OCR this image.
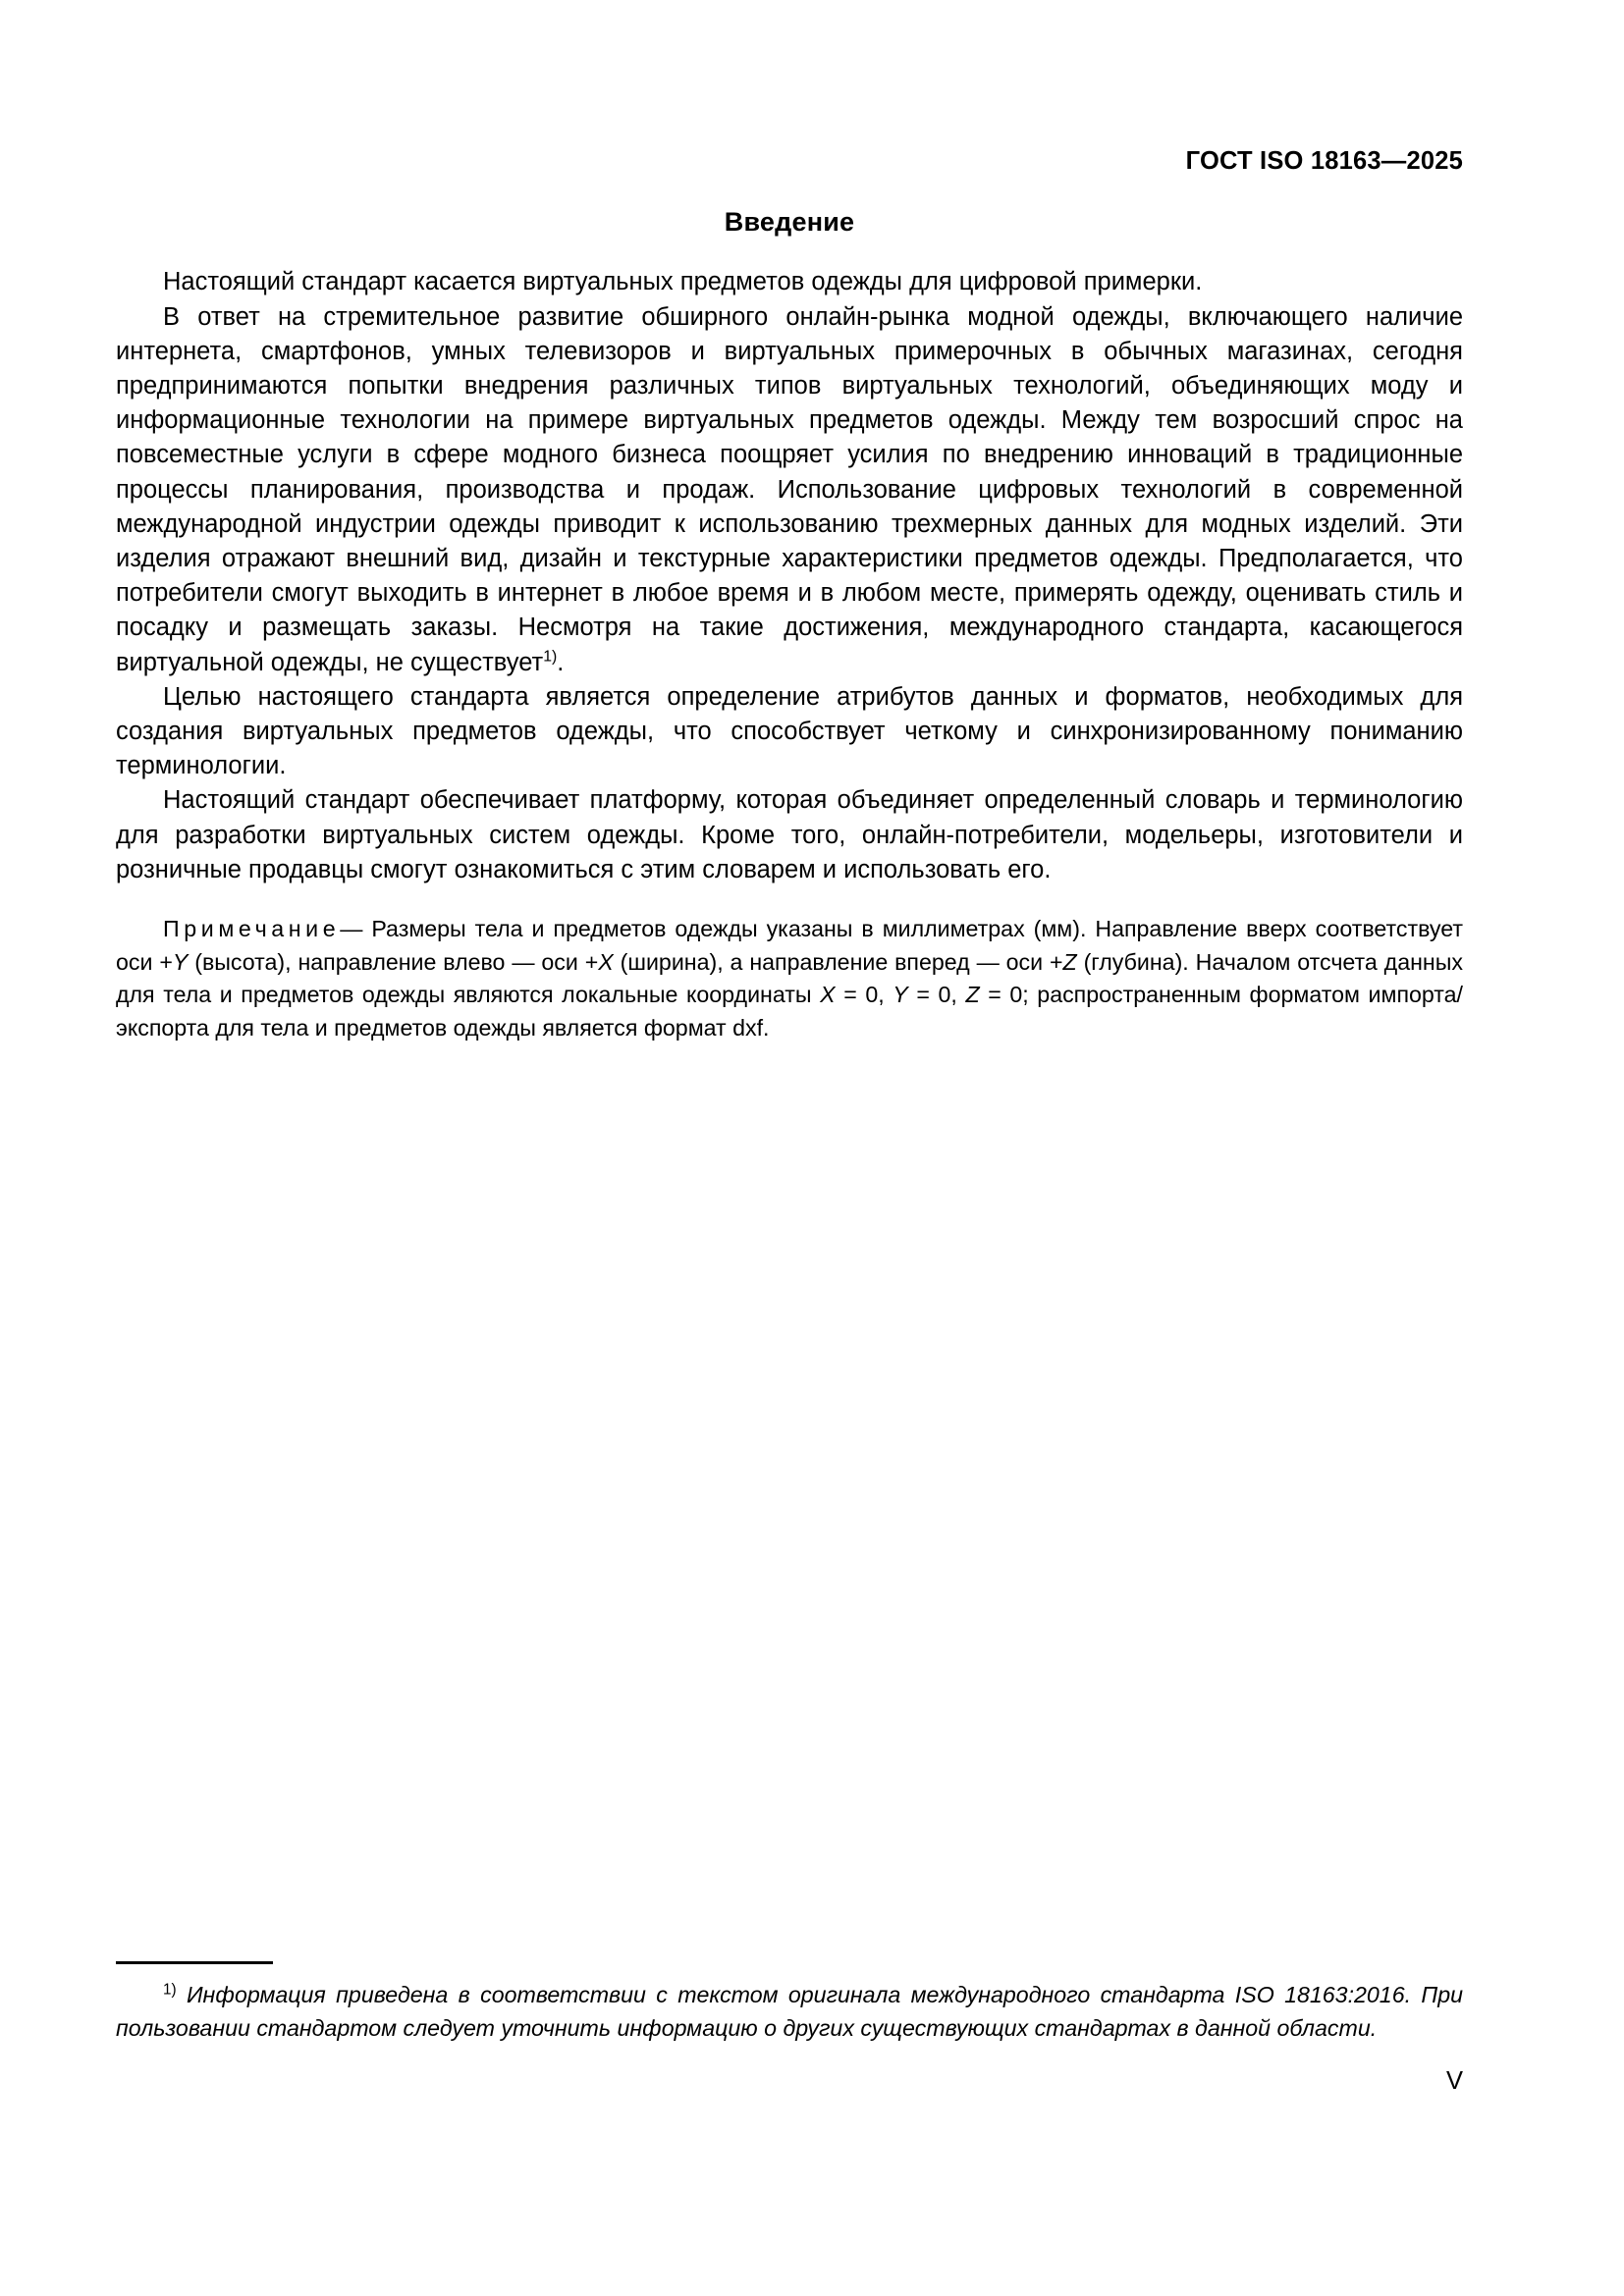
ГОСТ ISO 18163—2025
Введение

Настоящий стандарт касается виртуальных предметов одежды для цифровой примерки.

В ответ на стремительное развитие обширного онлайн-рынка модной одежды, включающего наличие интернета, смартфонов, умных телевизоров и виртуальных примерочных в обычных магазинах, сегодня предпринимаются попытки внедрения различных типов виртуальных технологий, объединяющих моду и информационные технологии на примере виртуальных предметов одежды. Между тем возросший спрос на повсеместные услуги в сфере модного бизнеса поощряет усилия по внедрению инноваций в традиционные процессы планирования, производства и продаж. Использование цифровых технологий в современной международной индустрии одежды приводит к использованию трехмерных данных для модных изделий. Эти изделия отражают внешний вид, дизайн и текстурные характеристики предметов одежды. Предполагается, что потребители смогут выходить в интернет в любое время и в любом месте, примерять одежду, оценивать стиль и посадку и размещать заказы. Несмотря на такие достижения, международного стандарта, касающегося виртуальной одежды, не существует$^{1)}$.

Целью настоящего стандарта является определение атрибутов данных и форматов, необходимых для создания виртуальных предметов одежды, что способствует четкому и синхронизированному пониманию терминологии.

Настоящий стандарт обеспечивает платформу, которая объединяет определенный словарь и терминологию для разработки виртуальных систем одежды. Кроме того, онлайн-потребители, модельеры, изготовители и розничные продавцы смогут ознакомиться с этим словарем и использовать его.

Примечание— Размеры тела и предметов одежды указаны в миллиметрах (мм). Направление вверх соответствует оси +Y (высота), направление влево — оси +X (ширина), а направление вперед — оси +Z (глубина). Началом отсчета данных для тела и предметов одежды являются локальные координаты X = 0, Y = 0, Z = 0; распространенным форматом импорта/экспорта для тела и предметов одежды является формат dxf.
$^{1)}$ Информация приведена в соответствии с текстом оригинала международного стандарта ISO 18163:2016. При пользовании стандартом следует уточнить информацию о других существующих стандартах в данной области.
V
